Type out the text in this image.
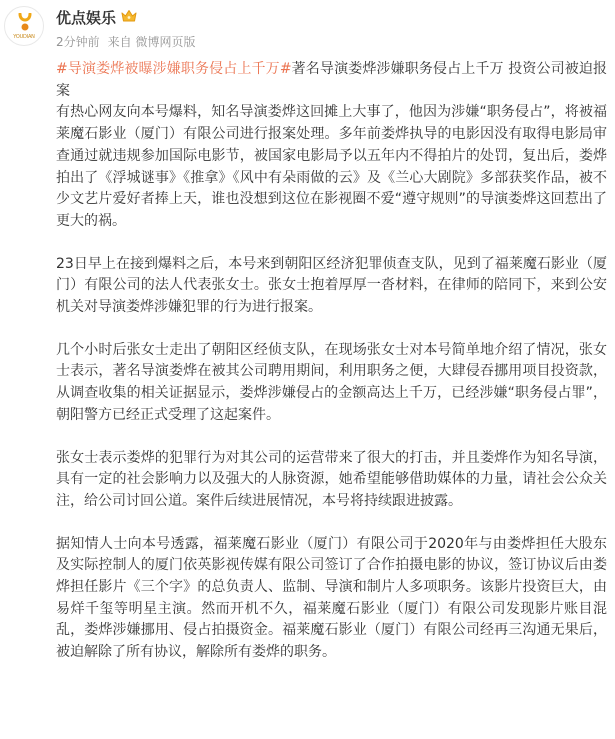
YOUDIAN
优点娱乐
2分钟前 来自 微博网页版

#导演娄烨被曝涉嫌职务侵占上千万#著名导演娄烨涉嫌职务侵占上千万 投资公司被迫报案

有热心网友向本号爆料，知名导演娄烨这回摊上大事了，他因为涉嫌“职务侵占”，将被福莱魔石影业（厦门）有限公司进行报案处理。多年前娄烨执导的电影因没有取得电影局审查通过就违规参加国际电影节，被国家电影局予以五年内不得拍片的处罚，复出后，娄烨拍出了《浮城谜事》《推拿》《风中有朵雨做的云》及《兰心大剧院》多部获奖作品，被不少文艺片爱好者捧上天，谁也没想到这位在影视圈不爱“遵守规则”的导演娄烨这回惹出了更大的祸。

23日早上在接到爆料之后，本号来到朝阳区经济犯罪侦查支队，见到了福莱魔石影业（厦门）有限公司的法人代表张女士。张女士抱着厚厚一沓材料，在律师的陪同下，来到公安机关对导演娄烨涉嫌犯罪的行为进行报案。

几个小时后张女士走出了朝阳区经侦支队，在现场张女士对本号简单地介绍了情况，张女士表示，著名导演娄烨在被其公司聘用期间，利用职务之便，大肆侵吞挪用项目投资款，从调查收集的相关证据显示，娄烨涉嫌侵占的金额高达上千万，已经涉嫌“职务侵占罪”，朝阳警方已经正式受理了这起案件。

张女士表示娄烨的犯罪行为对其公司的运营带来了很大的打击，并且娄烨作为知名导演，具有一定的社会影响力以及强大的人脉资源，她希望能够借助媒体的力量，请社会公众关注，给公司讨回公道。案件后续进展情况，本号将持续跟进披露。

据知情人士向本号透露，福莱魔石影业（厦门）有限公司于2020年与由娄烨担任大股东及实际控制人的厦门依英影视传媒有限公司签订了合作拍摄电影的协议，签订协议后由娄烨担任影片《三个字》的总负责人、监制、导演和制片人多项职务。该影片投资巨大，由易烊千玺等明星主演。然而开机不久，福莱魔石影业（厦门）有限公司发现影片账目混乱，娄烨涉嫌挪用、侵占拍摄资金。福莱魔石影业（厦门）有限公司经再三沟通无果后，被迫解除了所有协议，解除所有娄烨的职务。
